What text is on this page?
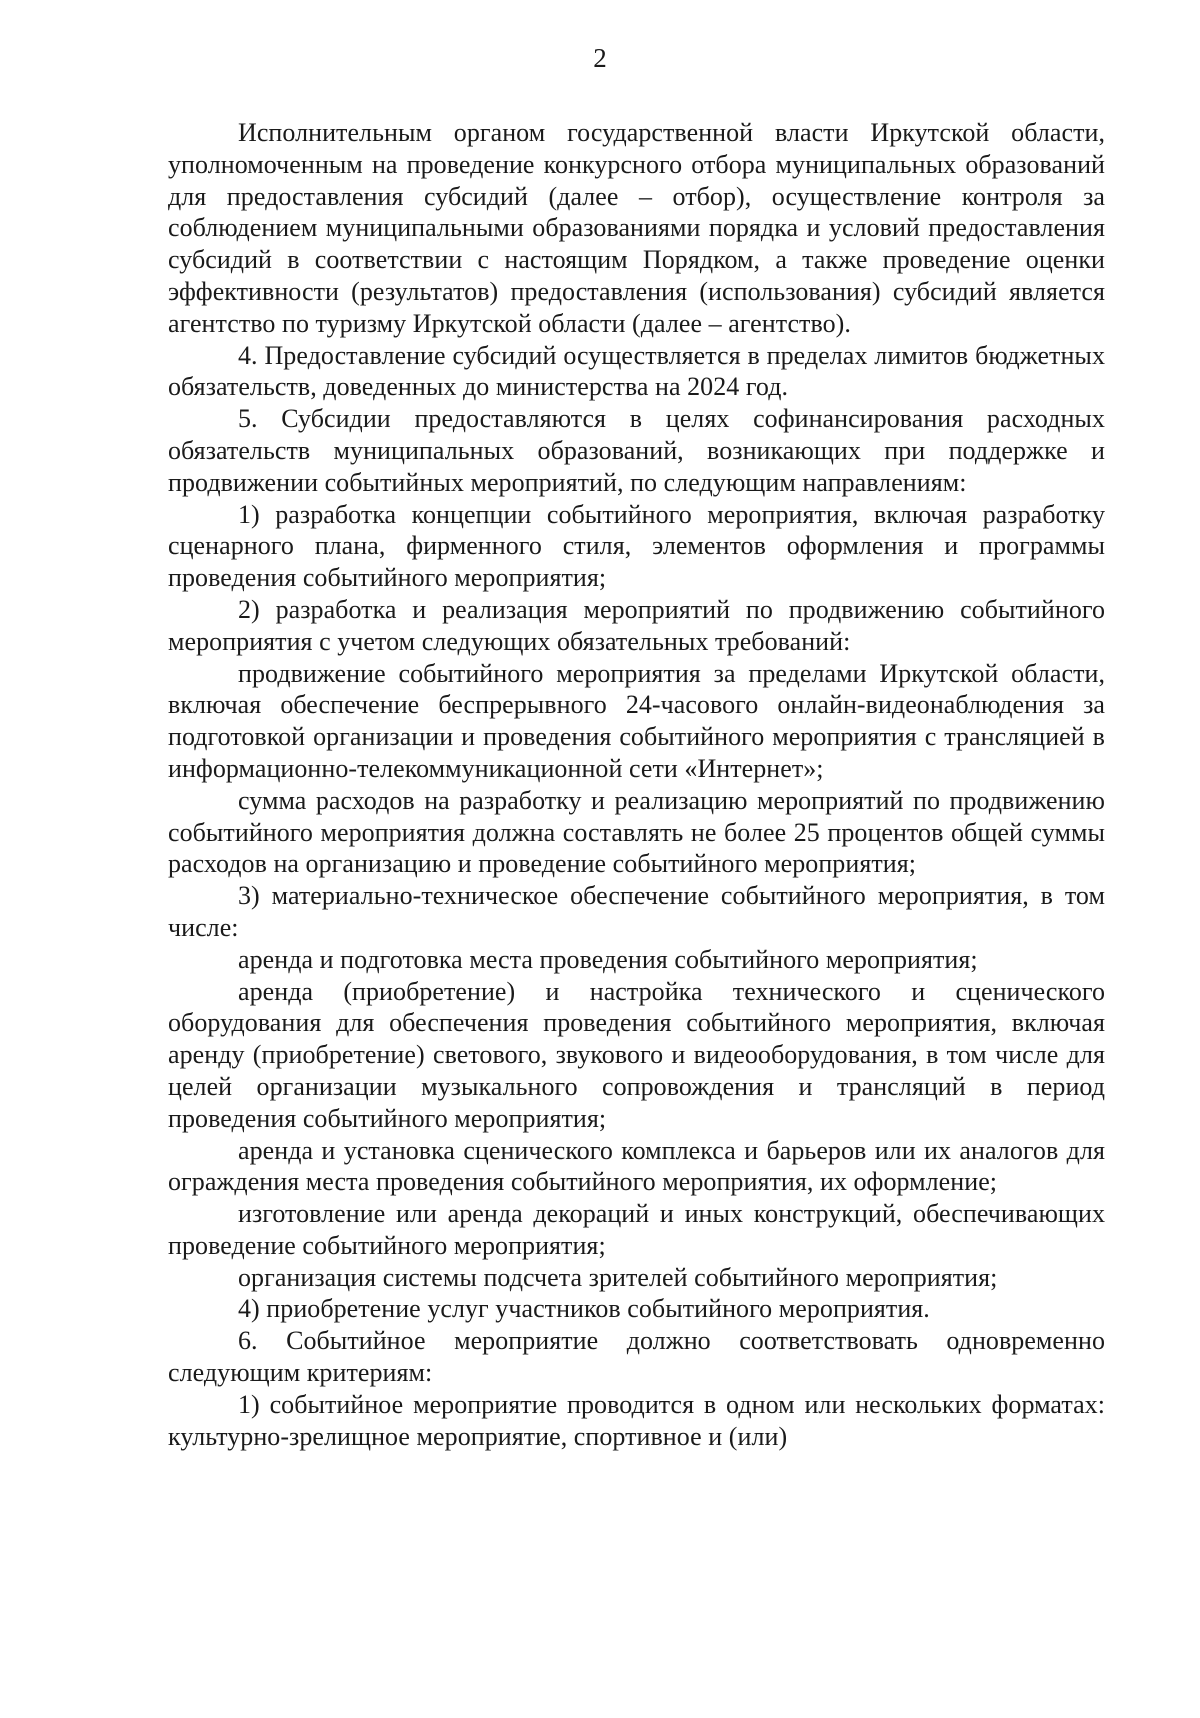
2

Исполнительным органом государственной власти Иркутской области, уполномоченным на проведение конкурсного отбора муниципальных образований для предоставления субсидий (далее – отбор), осуществление контроля за соблюдением муниципальными образованиями порядка и условий предоставления субсидий в соответствии с настоящим Порядком, а также проведение оценки эффективности (результатов) предоставления (использования) субсидий является агентство по туризму Иркутской области (далее – агентство).

4. Предоставление субсидий осуществляется в пределах лимитов бюджетных обязательств, доведенных до министерства на 2024 год.

5. Субсидии предоставляются в целях софинансирования расходных обязательств муниципальных образований, возникающих при поддержке и продвижении событийных мероприятий, по следующим направлениям:

1) разработка концепции событийного мероприятия, включая разработку сценарного плана, фирменного стиля, элементов оформления и программы проведения событийного мероприятия;

2) разработка и реализация мероприятий по продвижению событийного мероприятия с учетом следующих обязательных требований:

продвижение событийного мероприятия за пределами Иркутской области, включая обеспечение беспрерывного 24-часового онлайн-видеонаблюдения за подготовкой организации и проведения событийного мероприятия с трансляцией в информационно-телекоммуникационной сети «Интернет»;

сумма расходов на разработку и реализацию мероприятий по продвижению событийного мероприятия должна составлять не более 25 процентов общей суммы расходов на организацию и проведение событийного мероприятия;

3) материально-техническое обеспечение событийного мероприятия, в том числе:

аренда и подготовка места проведения событийного мероприятия;

аренда (приобретение) и настройка технического и сценического оборудования для обеспечения проведения событийного мероприятия, включая аренду (приобретение) светового, звукового и видеооборудования, в том числе для целей организации музыкального сопровождения и трансляций в период проведения событийного мероприятия;

аренда и установка сценического комплекса и барьеров или их аналогов для ограждения места проведения событийного мероприятия, их оформление;

изготовление или аренда декораций и иных конструкций, обеспечивающих проведение событийного мероприятия;

организация системы подсчета зрителей событийного мероприятия;

4) приобретение услуг участников событийного мероприятия.

6. Событийное мероприятие должно соответствовать одновременно следующим критериям:

1) событийное мероприятие проводится в одном или нескольких форматах: культурно-зрелищное мероприятие, спортивное и (или)
